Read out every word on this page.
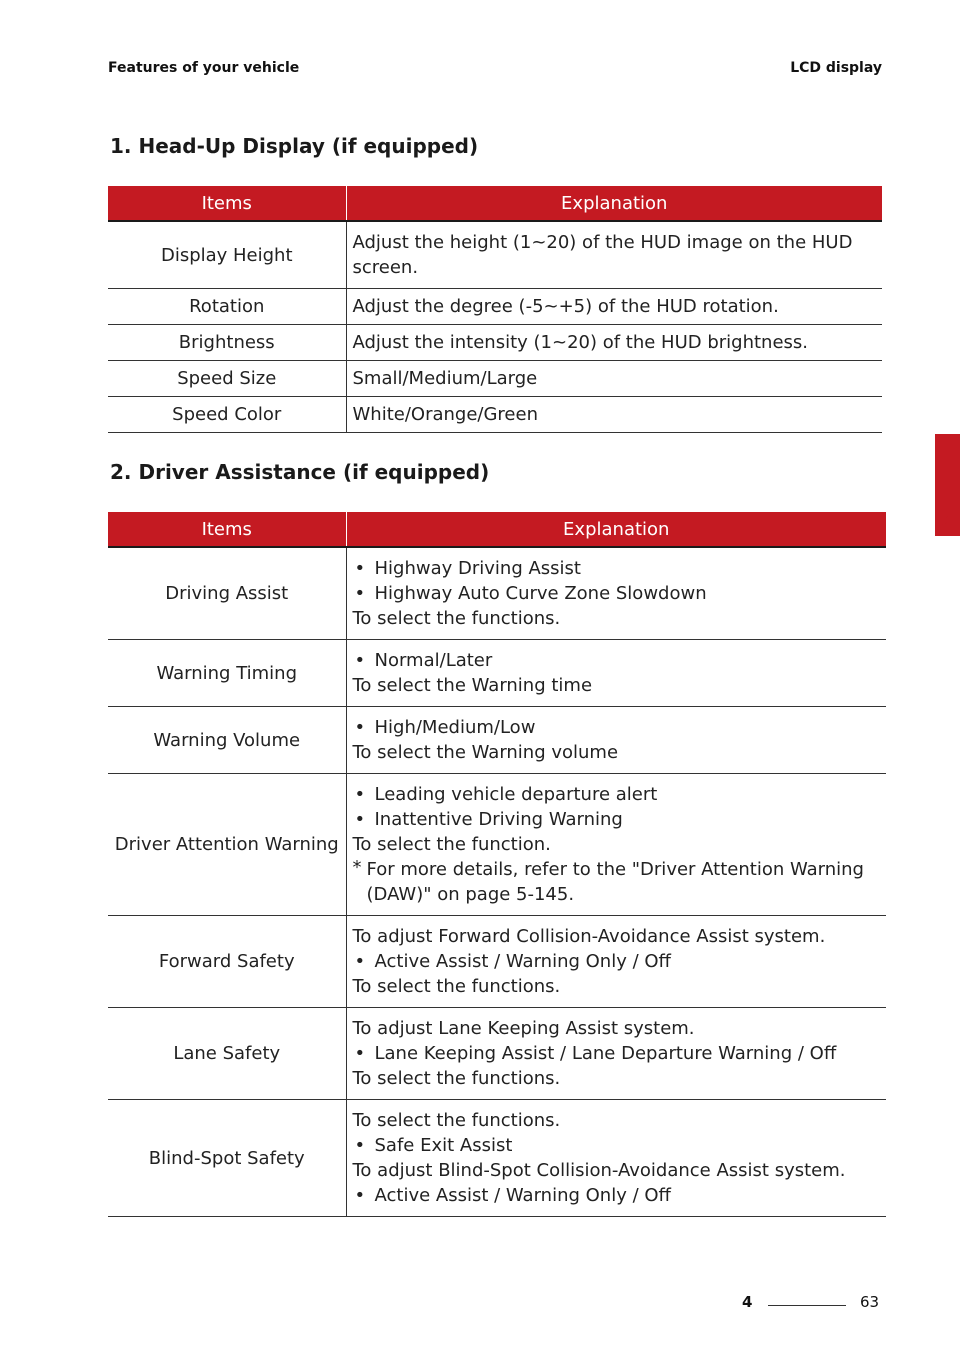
Features of your vehicle	LCD display
1. Head-Up Display (if equipped)
Items	Explanation
Display Height	Adjust the height (1~20) of the HUD image on the HUD screen.
Rotation	Adjust the degree (-5~+5) of the HUD rotation.
Brightness	Adjust the intensity (1~20) of the HUD brightness.
Speed Size	Small/Medium/Large
Speed Color	White/Orange/Green
2. Driver Assistance (if equipped)
Items	Explanation
Driving Assist	• Highway Driving Assist
• Highway Auto Curve Zone Slowdown
To select the functions.

Warning Timing	• Normal/Later
To select the Warning time

Warning Volume	• High/Medium/Low
To select the Warning volume

Driver Attention Warning	• Leading vehicle departure alert
• Inattentive Driving Warning
To select the function.
* For more details, refer to the "Driver Attention Warning (DAW)" on page 5-145.

Forward Safety	To adjust Forward Collision-Avoidance Assist system.
• Active Assist / Warning Only / Off
To select the functions.

Lane Safety	To adjust Lane Keeping Assist system.
• Lane Keeping Assist / Lane Departure Warning / Off
To select the functions.

Blind-Spot Safety	To select the functions.
• Safe Exit Assist
To adjust Blind-Spot Collision-Avoidance Assist system.
• Active Assist / Warning Only / Off
4
4	63
